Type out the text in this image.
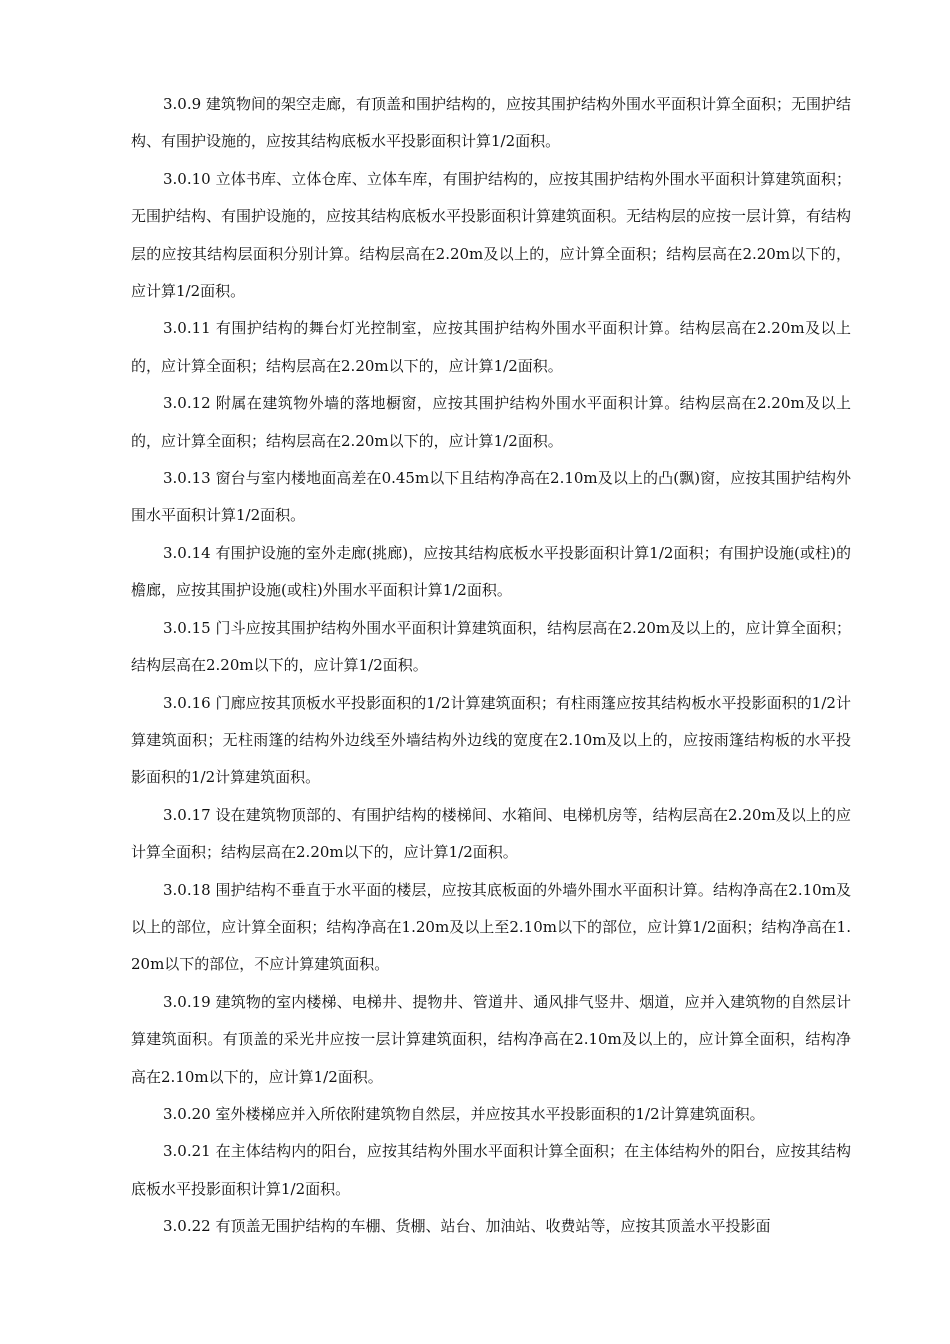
3.0.9 建筑物间的架空走廊，有顶盖和围护结构的，应按其围护结构外围水平面积计算全面积；无围护结构、有围护设施的，应按其结构底板水平投影面积计算1/2面积。

3.0.10 立体书库、立体仓库、立体车库，有围护结构的，应按其围护结构外围水平面积计算建筑面积；无围护结构、有围护设施的，应按其结构底板水平投影面积计算建筑面积。无结构层的应按一层计算，有结构层的应按其结构层面积分别计算。结构层高在2.20m及以上的，应计算全面积；结构层高在2.20m以下的，应计算1/2面积。

3.0.11 有围护结构的舞台灯光控制室，应按其围护结构外围水平面积计算。结构层高在2.20m及以上的，应计算全面积；结构层高在2.20m以下的，应计算1/2面积。

3.0.12 附属在建筑物外墙的落地橱窗，应按其围护结构外围水平面积计算。结构层高在2.20m及以上的，应计算全面积；结构层高在2.20m以下的，应计算1/2面积。

3.0.13 窗台与室内楼地面高差在0.45m以下且结构净高在2.10m及以上的凸(飘)窗，应按其围护结构外围水平面积计算1/2面积。

3.0.14 有围护设施的室外走廊(挑廊)，应按其结构底板水平投影面积计算1/2面积；有围护设施(或柱)的檐廊，应按其围护设施(或柱)外围水平面积计算1/2面积。

3.0.15 门斗应按其围护结构外围水平面积计算建筑面积，结构层高在2.20m及以上的，应计算全面积；结构层高在2.20m以下的，应计算1/2面积。

3.0.16 门廊应按其顶板水平投影面积的1/2计算建筑面积；有柱雨篷应按其结构板水平投影面积的1/2计算建筑面积；无柱雨篷的结构外边线至外墙结构外边线的宽度在2.10m及以上的，应按雨篷结构板的水平投影面积的1/2计算建筑面积。

3.0.17 设在建筑物顶部的、有围护结构的楼梯间、水箱间、电梯机房等，结构层高在2.20m及以上的应计算全面积；结构层高在2.20m以下的，应计算1/2面积。

3.0.18 围护结构不垂直于水平面的楼层，应按其底板面的外墙外围水平面积计算。结构净高在2.10m及以上的部位，应计算全面积；结构净高在1.20m及以上至2.10m以下的部位，应计算1/2面积；结构净高在1.20m以下的部位，不应计算建筑面积。

3.0.19 建筑物的室内楼梯、电梯井、提物井、管道井、通风排气竖井、烟道，应并入建筑物的自然层计算建筑面积。有顶盖的采光井应按一层计算建筑面积，结构净高在2.10m及以上的，应计算全面积，结构净高在2.10m以下的，应计算1/2面积。

3.0.20 室外楼梯应并入所依附建筑物自然层，并应按其水平投影面积的1/2计算建筑面积。

3.0.21 在主体结构内的阳台，应按其结构外围水平面积计算全面积；在主体结构外的阳台，应按其结构底板水平投影面积计算1/2面积。

3.0.22 有顶盖无围护结构的车棚、货棚、站台、加油站、收费站等，应按其顶盖水平投影面
